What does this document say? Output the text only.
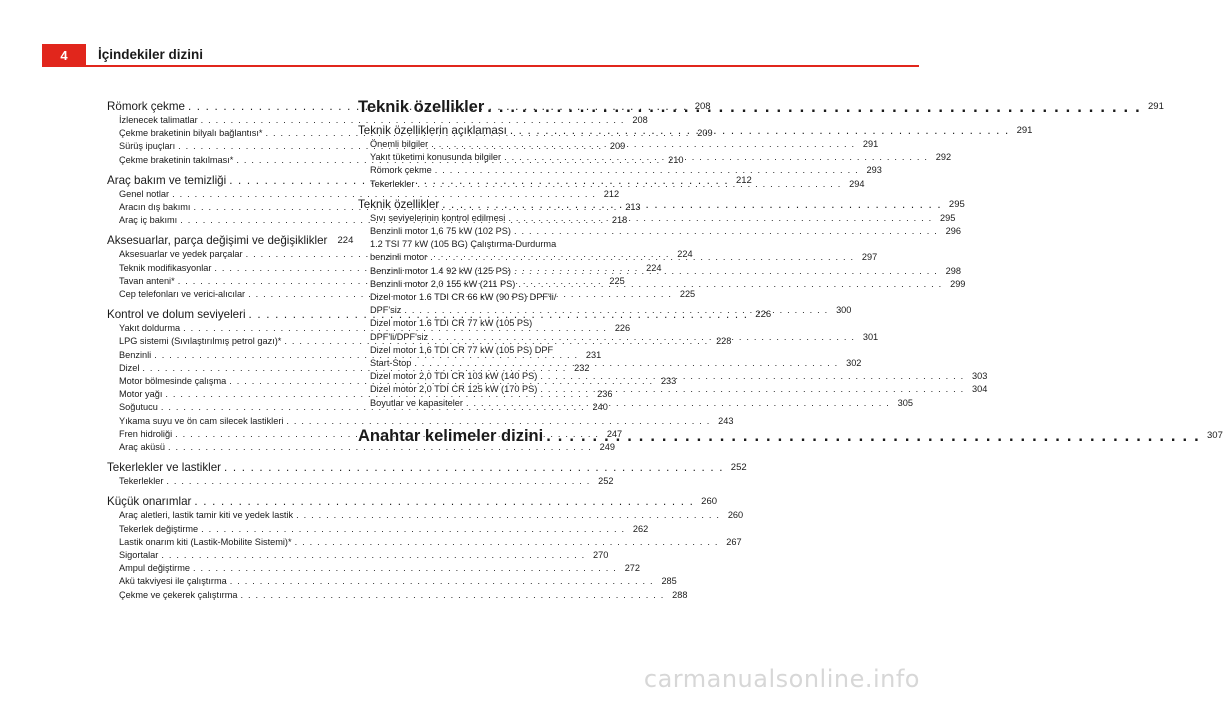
4	İçindekiler dizini
Römork çekme . . .	208
İzlenecek talimatlar . . .	208
Çekme braketinin bilyalı bağlantısı* . . .	209
Sürüş ipuçları . . .	209
Çekme braketinin takılması* . . .	210
Araç bakım ve temizliği . . .	212
Genel notlar . . .	212
Aracın dış bakımı . . .	213
Araç iç bakımı . . .	218
Aksesuarlar, parça değişimi ve değişiklikler	224
Aksesuarlar ve yedek parçalar . . .	224
Teknik modifikasyonlar . . .	224
Tavan anteni* . . .	225
Cep telefonları ve verici-alıcılar . . .	225
Kontrol ve dolum seviyeleri . . .	226
Yakıt doldurma . . .	226
LPG sistemi (Sıvılaştırılmış petrol gazı)* . . .	228
Benzinli . . .	231
Dizel . . .	232
Motor bölmesinde çalışma . . .	233
Motor yağı . . .	236
Soğutucu . . .	240
Yıkama suyu ve ön cam silecek lastikleri . . .	243
Fren hidroliği . . .	247
Araç aküsü . . .	249
Tekerlekler ve lastikler . . .	252
Tekerlekler . . .	252
Küçük onarımlar . . .	260
Araç aletleri, lastik tamir kiti ve yedek lastik . . .	260
Tekerlek değiştirme . . .	262
Lastik onarım kiti (Lastik-Mobilite Sistemi)* . . .	267
Sigortalar . . .	270
Ampul değiştirme . . .	272
Akü takviyesi ile çalıştırma . . .	285
Çekme ve çekerek çalıştırma . . .	288
Teknik özellikler . . .	291
Teknik özelliklerin açıklaması . . .	291
Önemli bilgiler . . .	291
Yakıt tüketimi konusunda bilgiler . . .	292
Römork çekme . . .	293
Tekerlekler . . .	294
Teknik özellikler . . .	295
Sıvı seviyelerinin kontrol edilmesi . . .	295
Benzinli motor 1,6 75 kW (102 PS) . . .	296
1.2 TSI 77 kW (105 BG) Çalıştırma-Durdurma
benzinli motor . . .	297
Benzinli motor 1.4 92 kW (125 PS) . . .	298
Benzinli motor 2,0 155 kW (211 PS) . . .	299
Dizel motor 1.6 TDI CR 66 kW (90 PS) DPF'li/
DPF'siz . . .	300
Dizel motor 1.6 TDI CR 77 kW (105 PS)
DPF'li/DPF'siz . . .	301
Dizel motor 1,6 TDI CR 77 kW (105 PS) DPF
Start-Stop . . .	302
Dizel motor 2,0 TDI CR 103 kW (140 PS) . . .	303
Dizel motor 2,0 TDI CR 125 kW (170 PS) . . .	304
Boyutlar ve kapasiteler . . .	305
Anahtar kelimeler dizini . . .	307
carmanualsonline.info
